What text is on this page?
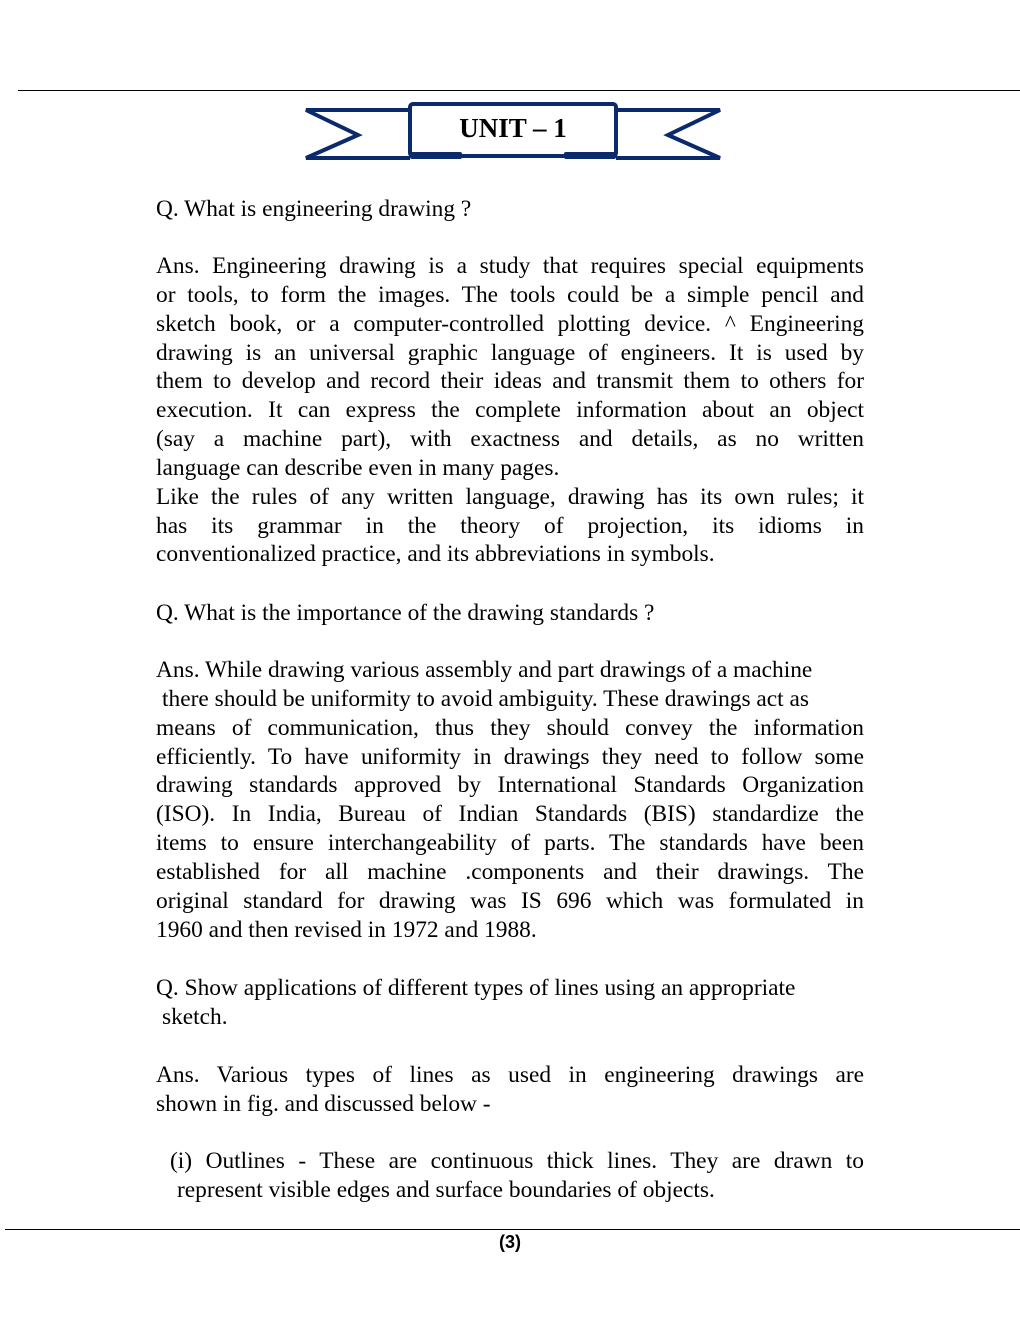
UNIT – 1
Q. What is engineering drawing ?
Ans. Engineering drawing is a study that requires special equipments
or tools, to form the images. The tools could be a simple pencil and
sketch book, or a computer-controlled plotting device. ^ Engineering
drawing is an universal graphic language of engineers. It is used by
them to develop and record their ideas and transmit them to others for
execution. It can express the complete information about an object
(say a machine part), with exactness and details, as no written
language can describe even in many pages.
Like the rules of any written language, drawing has its own rules; it
has its grammar in the theory of projection, its idioms in
conventionalized practice, and its abbreviations in symbols.
Q. What is the importance of the drawing standards ?
Ans. While drawing various assembly and part drawings of a machine
there should be uniformity to avoid ambiguity. These drawings act as
means of communication, thus they should convey the information
efficiently. To have uniformity in drawings they need to follow some
drawing standards approved by International Standards Organization
(ISO). In India, Bureau of Indian Standards (BIS) standardize the
items to ensure interchangeability of parts. The standards have been
established for all machine .components and their drawings. The
original standard for drawing was IS 696 which was formulated in
1960 and then revised in 1972 and 1988.
Q. Show applications of different types of lines using an appropriate
sketch.
Ans. Various types of lines as used in engineering drawings are
shown in fig. and discussed below -
(i) Outlines - These are continuous thick lines. They are drawn to
represent visible edges and surface boundaries of objects.
(3)
